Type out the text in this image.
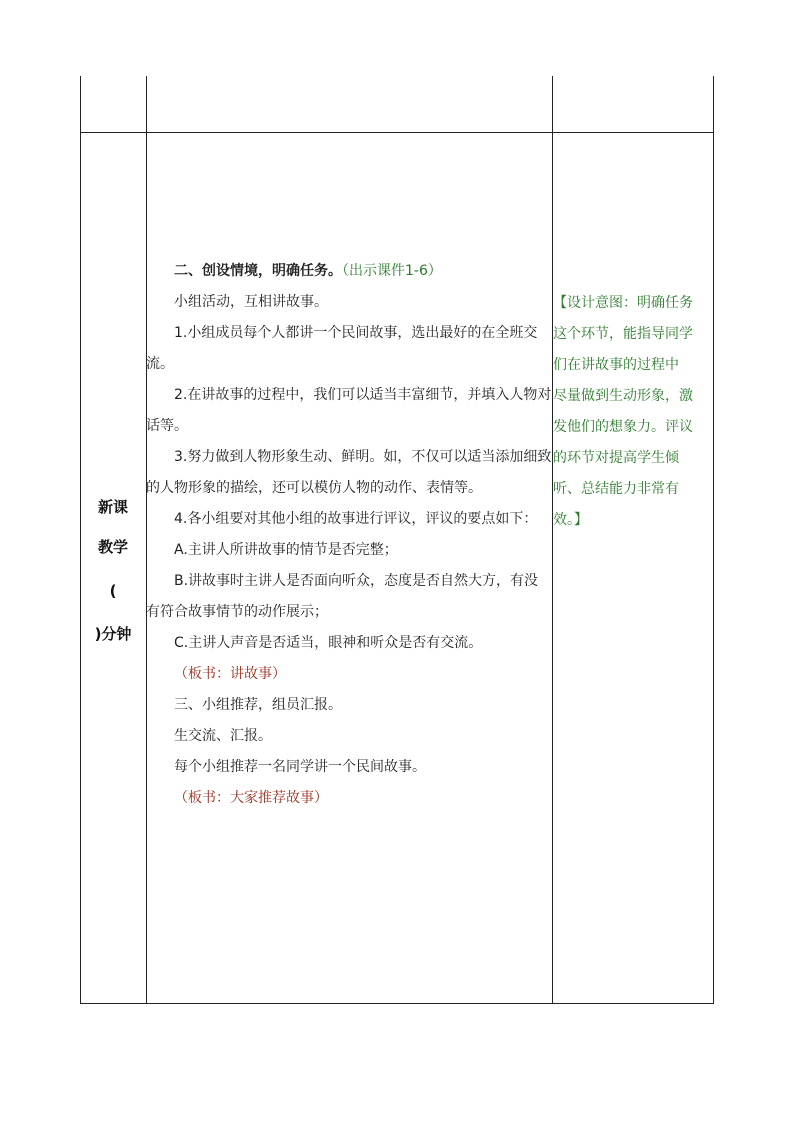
新课
教学
(
)分钟

二、创设情境，明确任务。（出示课件1-6）

小组活动，互相讲故事。

1.小组成员每个人都讲一个民间故事，选出最好的在全班交流。

2.在讲故事的过程中，我们可以适当丰富细节，并填入人物对话等。

3.努力做到人物形象生动、鲜明。如，不仅可以适当添加细致的人物形象的描绘，还可以模仿人物的动作、表情等。

4.各小组要对其他小组的故事进行评议，评议的要点如下：

A.主讲人所讲故事的情节是否完整；

B.讲故事时主讲人是否面向听众，态度是否自然大方，有没有符合故事情节的动作展示；

C.主讲人声音是否适当，眼神和听众是否有交流。

（板书：讲故事）

三、小组推荐，组员汇报。

生交流、汇报。

每个小组推荐一名同学讲一个民间故事。

（板书：大家推荐故事）

【设计意图：明确任务
这个环节，能指导同学
们在讲故事的过程中
尽量做到生动形象，激
发他们的想象力。评议
的环节对提高学生倾
听、总结能力非常有
效。】
